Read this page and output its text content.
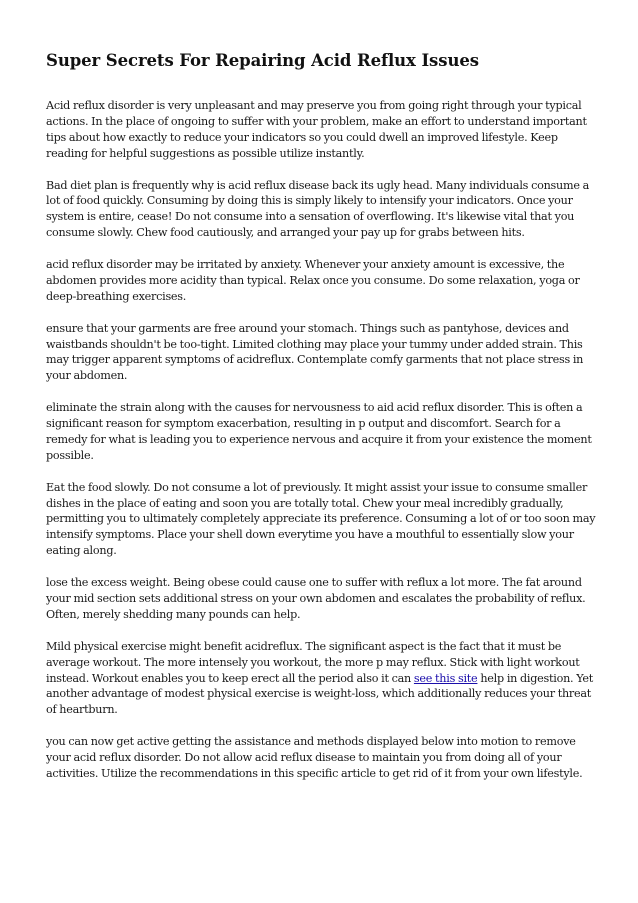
Super Secrets For Repairing Acid Reflux Issues

Acid reflux disorder is very unpleasant and may preserve you from going right through your typical actions. In the place of ongoing to suffer with your problem, make an effort to understand important tips about how exactly to reduce your indicators so you could dwell an improved lifestyle. Keep reading for helpful suggestions as possible utilize instantly.

Bad diet plan is frequently why is acid reflux disease back its ugly head. Many individuals consume a lot of food quickly. Consuming by doing this is simply likely to intensify your indicators. Once your system is entire, cease! Do not consume into a sensation of overflowing. It's likewise vital that you consume slowly. Chew food cautiously, and arranged your pay up for grabs between hits.

acid reflux disorder may be irritated by anxiety. Whenever your anxiety amount is excessive, the abdomen provides more acidity than typical. Relax once you consume. Do some relaxation, yoga or deep-breathing exercises.

ensure that your garments are free around your stomach. Things such as pantyhose, devices and waistbands shouldn't be too-tight. Limited clothing may place your tummy under added strain. This may trigger apparent symptoms of acidreflux. Contemplate comfy garments that not place stress in your abdomen.

eliminate the strain along with the causes for nervousness to aid acid reflux disorder. This is often a significant reason for symptom exacerbation, resulting in p output and discomfort. Search for a remedy for what is leading you to experience nervous and acquire it from your existence the moment possible.

Eat the food slowly. Do not consume a lot of previously. It might assist your issue to consume smaller dishes in the place of eating and soon you are totally total. Chew your meal incredibly gradually, permitting you to ultimately completely appreciate its preference. Consuming a lot of or too soon may intensify symptoms. Place your shell down everytime you have a mouthful to essentially slow your eating along.

lose the excess weight. Being obese could cause one to suffer with reflux a lot more. The fat around your mid section sets additional stress on your own abdomen and escalates the probability of reflux. Often, merely shedding many pounds can help.

Mild physical exercise might benefit acidreflux. The significant aspect is the fact that it must be average workout. The more intensely you workout, the more p may reflux. Stick with light workout instead. Workout enables you to keep erect all the period also it can see this site help in digestion. Yet another advantage of modest physical exercise is weight-loss, which additionally reduces your threat of heartburn.

you can now get active getting the assistance and methods displayed below into motion to remove your acid reflux disorder. Do not allow acid reflux disease to maintain you from doing all of your activities. Utilize the recommendations in this specific article to get rid of it from your own lifestyle.
